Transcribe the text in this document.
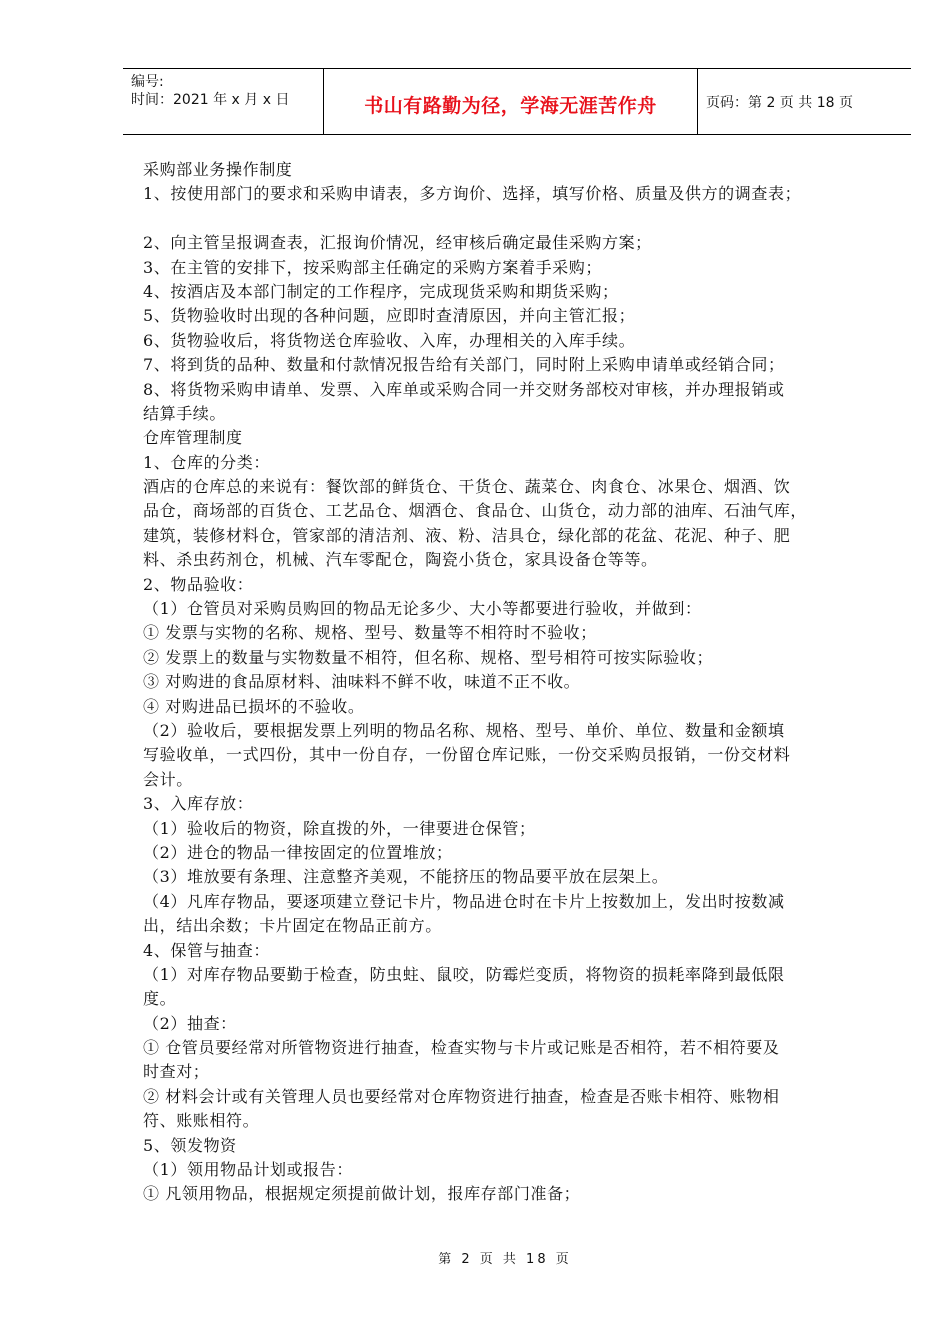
编号:
时间：2021 年 x 月 x 日	书山有路勤为径，学海无涯苦作舟	页码：第 2 页 共 18 页
采购部业务操作制度
1、按使用部门的要求和采购申请表，多方询价、选择，填写价格、质量及供方的调查表；
2、向主管呈报调查表，汇报询价情况，经审核后确定最佳采购方案；
3、在主管的安排下，按采购部主任确定的采购方案着手采购；
4、按酒店及本部门制定的工作程序，完成现货采购和期货采购；
5、货物验收时出现的各种问题，应即时查清原因，并向主管汇报；
6、货物验收后，将货物送仓库验收、入库，办理相关的入库手续。
7、将到货的品种、数量和付款情况报告给有关部门，同时附上采购申请单或经销合同；
8、将货物采购申请单、发票、入库单或采购合同一并交财务部校对审核，并办理报销或
结算手续。
仓库管理制度
1、仓库的分类：
酒店的仓库总的来说有：餐饮部的鲜货仓、干货仓、蔬菜仓、肉食仓、冰果仓、烟酒、饮
品仓，商场部的百货仓、工艺品仓、烟酒仓、食品仓、山货仓，动力部的油库、石油气库，
建筑，装修材料仓，管家部的清洁剂、液、粉、洁具仓，绿化部的花盆、花泥、种子、肥
料、杀虫药剂仓，机械、汽车零配仓，陶瓷小货仓，家具设备仓等等。
2、物品验收：
（1）仓管员对采购员购回的物品无论多少、大小等都要进行验收，并做到：
① 发票与实物的名称、规格、型号、数量等不相符时不验收；
② 发票上的数量与实物数量不相符，但名称、规格、型号相符可按实际验收；
③ 对购进的食品原材料、油味料不鲜不收，味道不正不收。
④ 对购进品已损坏的不验收。
（2）验收后，要根据发票上列明的物品名称、规格、型号、单价、单位、数量和金额填
写验收单，一式四份，其中一份自存，一份留仓库记账，一份交采购员报销，一份交材料
会计。
3、入库存放：
（1）验收后的物资，除直拨的外，一律要进仓保管；
（2）进仓的物品一律按固定的位置堆放；
（3）堆放要有条理、注意整齐美观，不能挤压的物品要平放在层架上。
（4）凡库存物品，要逐项建立登记卡片，物品进仓时在卡片上按数加上，发出时按数减
出，结出余数；卡片固定在物品正前方。
4、保管与抽查：
（1）对库存物品要勤于检查，防虫蛀、鼠咬，防霉烂变质，将物资的损耗率降到最低限
度。
（2）抽查：
① 仓管员要经常对所管物资进行抽查，检查实物与卡片或记账是否相符，若不相符要及
时查对；
② 材料会计或有关管理人员也要经常对仓库物资进行抽查，检查是否账卡相符、账物相
符、账账相符。
5、领发物资
（1）领用物品计划或报告：
① 凡领用物品，根据规定须提前做计划，报库存部门准备；
第 2 页 共 18 页
